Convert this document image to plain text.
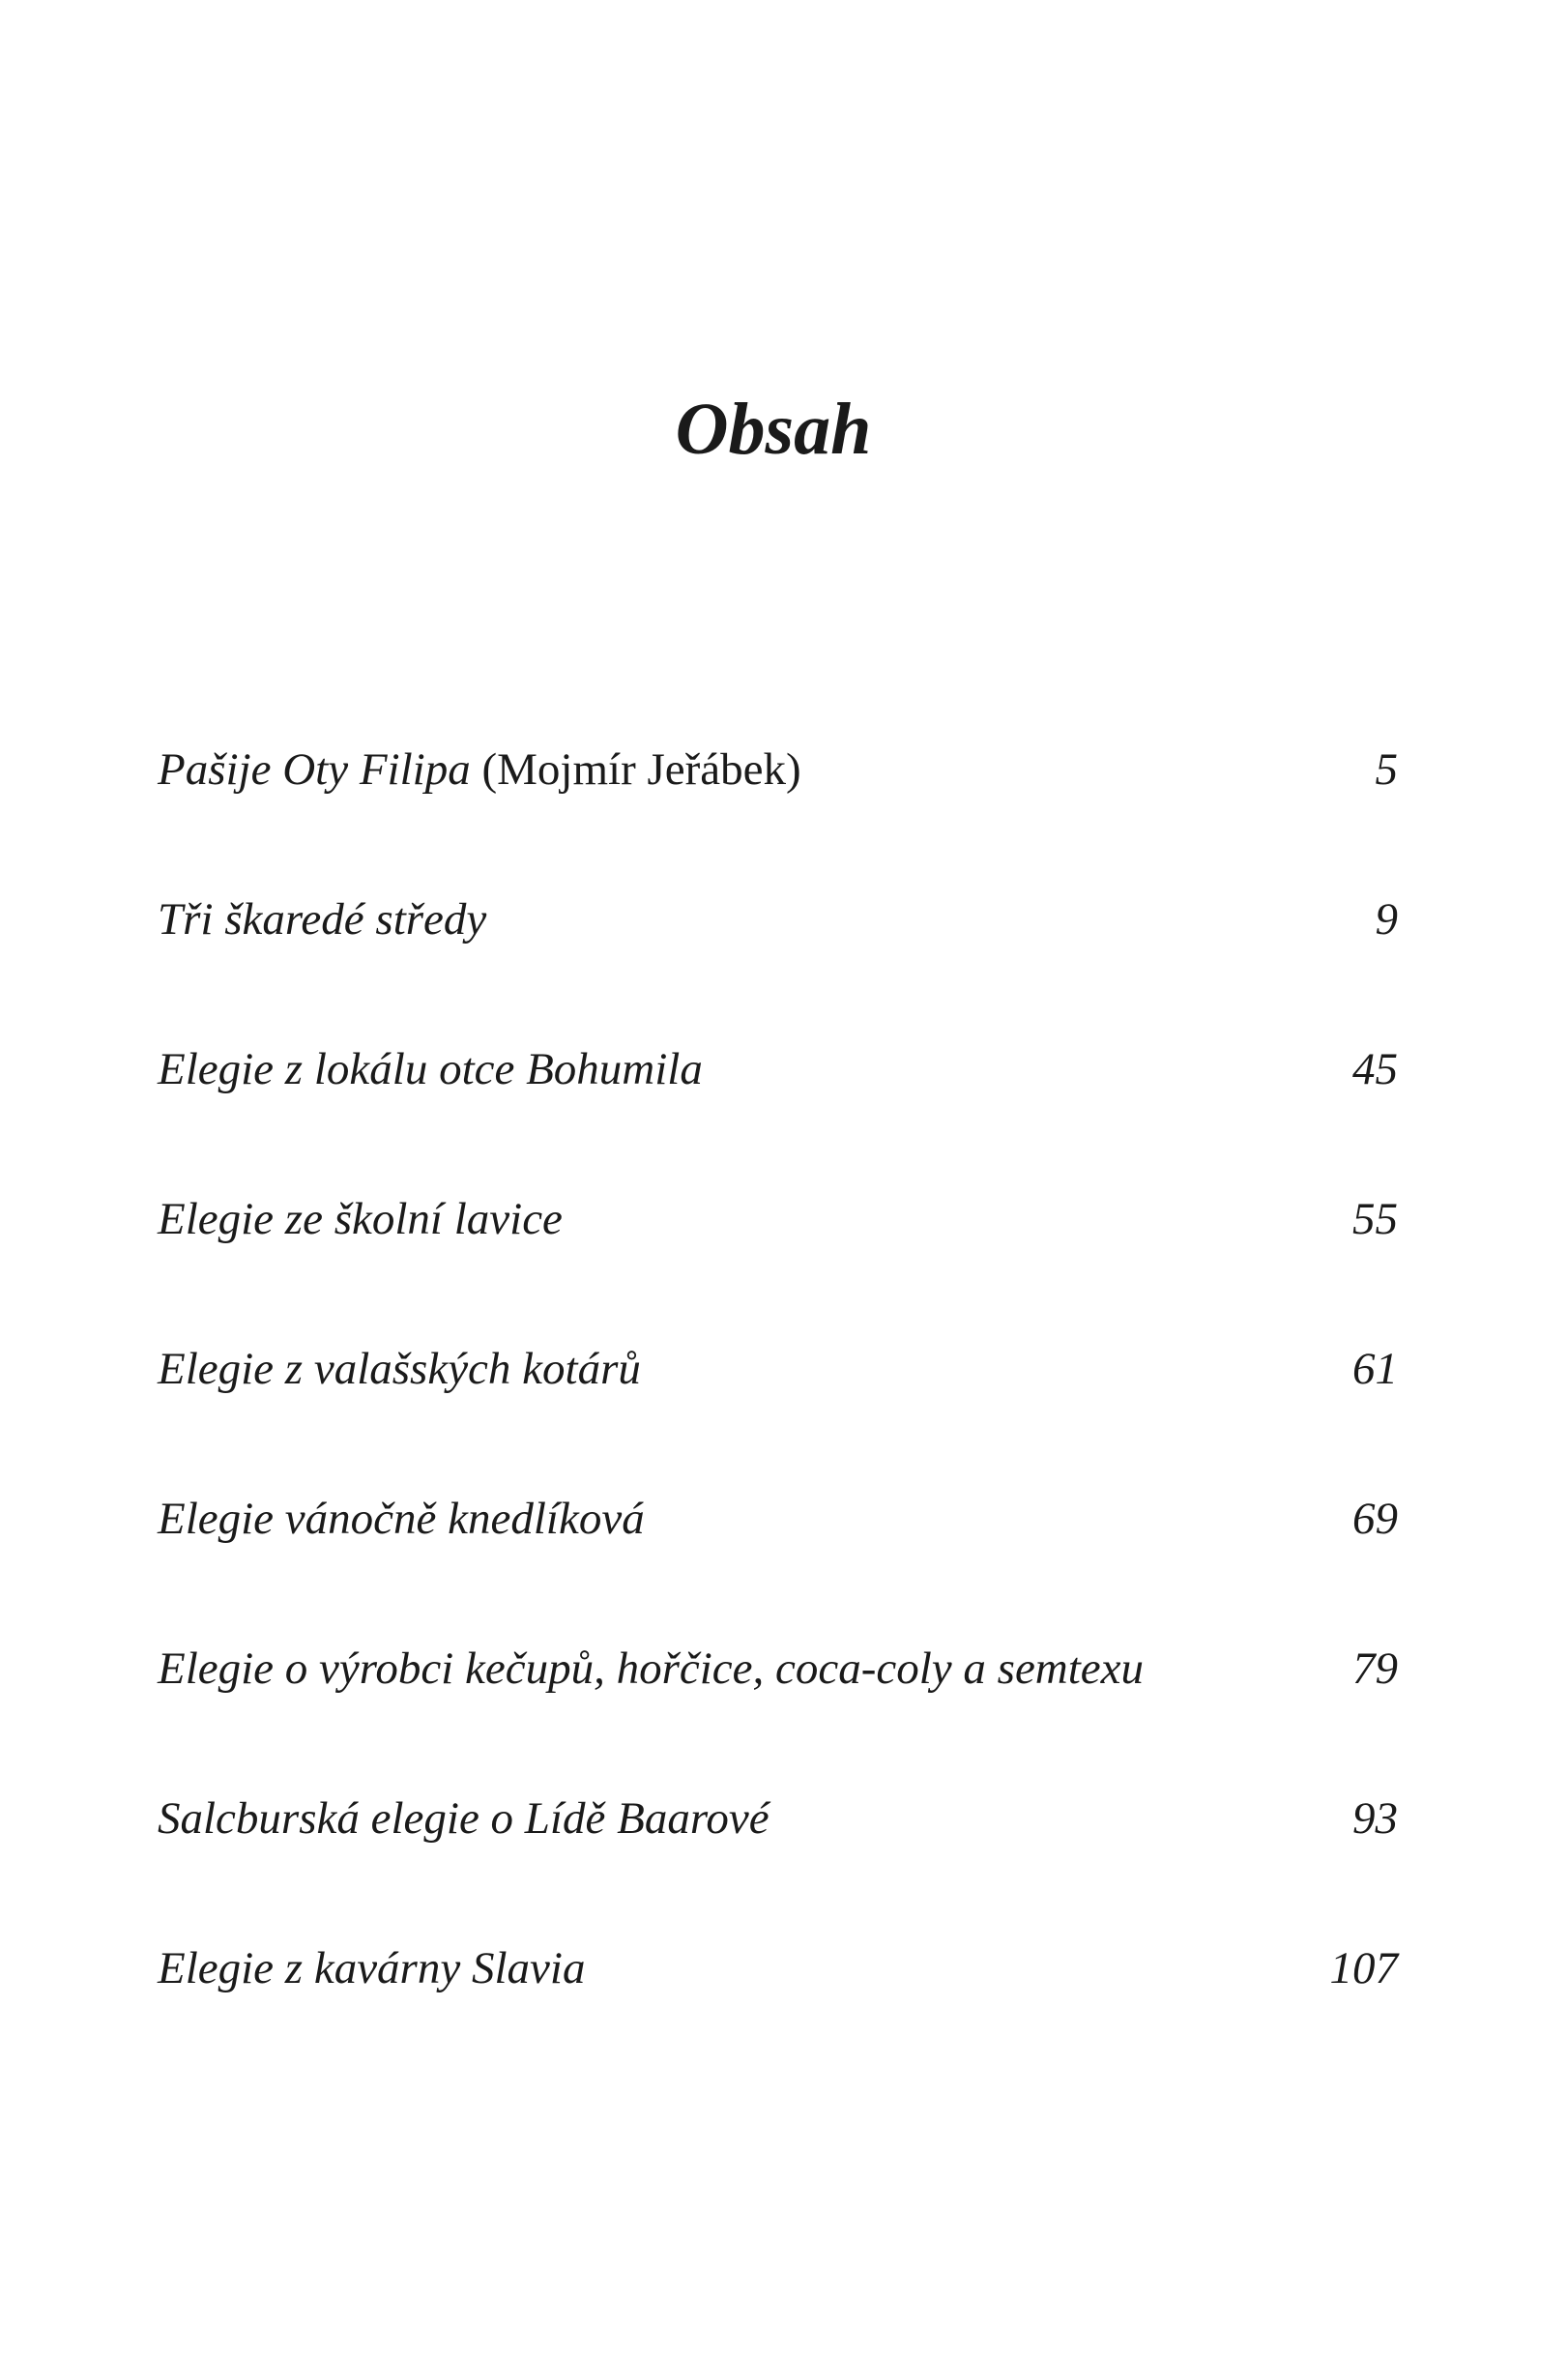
Obsah
Pašije Oty Filipa (Mojmír Jeřábek)	5
Tři škaredé středy	9
Elegie z lokálu otce Bohumila	45
Elegie ze školní lavice	55
Elegie z valašských kotárů	61
Elegie vánočně knedlíková	69
Elegie o výrobci kečupů, hořčice, coca-coly a semtexu	79
Salcburská elegie o Lídě Baarové	93
Elegie z kavárny Slavia	107
